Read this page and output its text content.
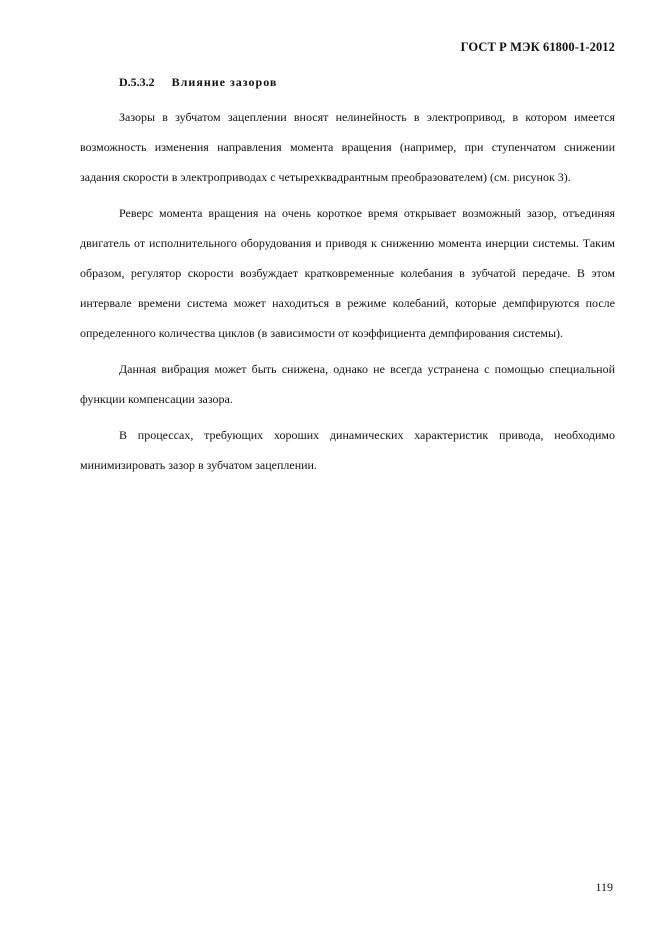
ГОСТ Р МЭК 61800-1-2012
D.5.3.2 Влияние зазоров

Зазоры в зубчатом зацеплении вносят нелинейность в электропривод, в котором имеется возможность изменения направления момента вращения (например, при ступенчатом снижении задания скорости в электроприводах с четырехквадрантным преобразователем) (см. рисунок 3).

Реверс момента вращения на очень короткое время открывает возможный зазор, отъединяя двигатель от исполнительного оборудования и приводя к снижению момента инерции системы. Таким образом, регулятор скорости возбуждает кратковременные колебания в зубчатой передаче. В этом интервале времени система может находиться в режиме колебаний, которые демпфируются после определенного количества циклов (в зависимости от коэффициента демпфирования системы).

Данная вибрация может быть снижена, однако не всегда устранена с помощью специальной функции компенсации зазора.

В процессах, требующих хороших динамических характеристик привода, необходимо минимизировать зазор в зубчатом зацеплении.

119
